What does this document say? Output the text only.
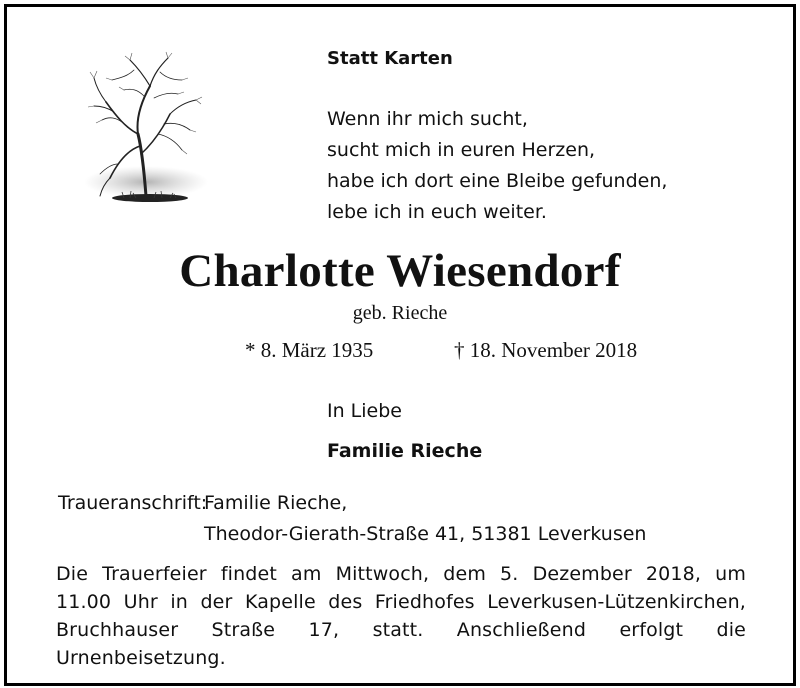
Statt Karten
Wenn ihr mich sucht,
sucht mich in euren Herzen,
habe ich dort eine Bleibe gefunden,
lebe ich in euch weiter.
Charlotte Wiesendorf
geb. Rieche
* 8. März 1935	† 18. November 2018
In Liebe
Familie Rieche
Traueranschrift:
Familie Rieche,
Theodor-Gierath-Straße 41, 51381 Leverkusen
Die Trauerfeier findet am Mittwoch, dem 5. Dezember 2018, um
11.00 Uhr in der Kapelle des Friedhofes Leverkusen-Lützenkirchen,
Bruchhauser Straße 17, statt. Anschließend erfolgt die Urnenbeisetzung.
